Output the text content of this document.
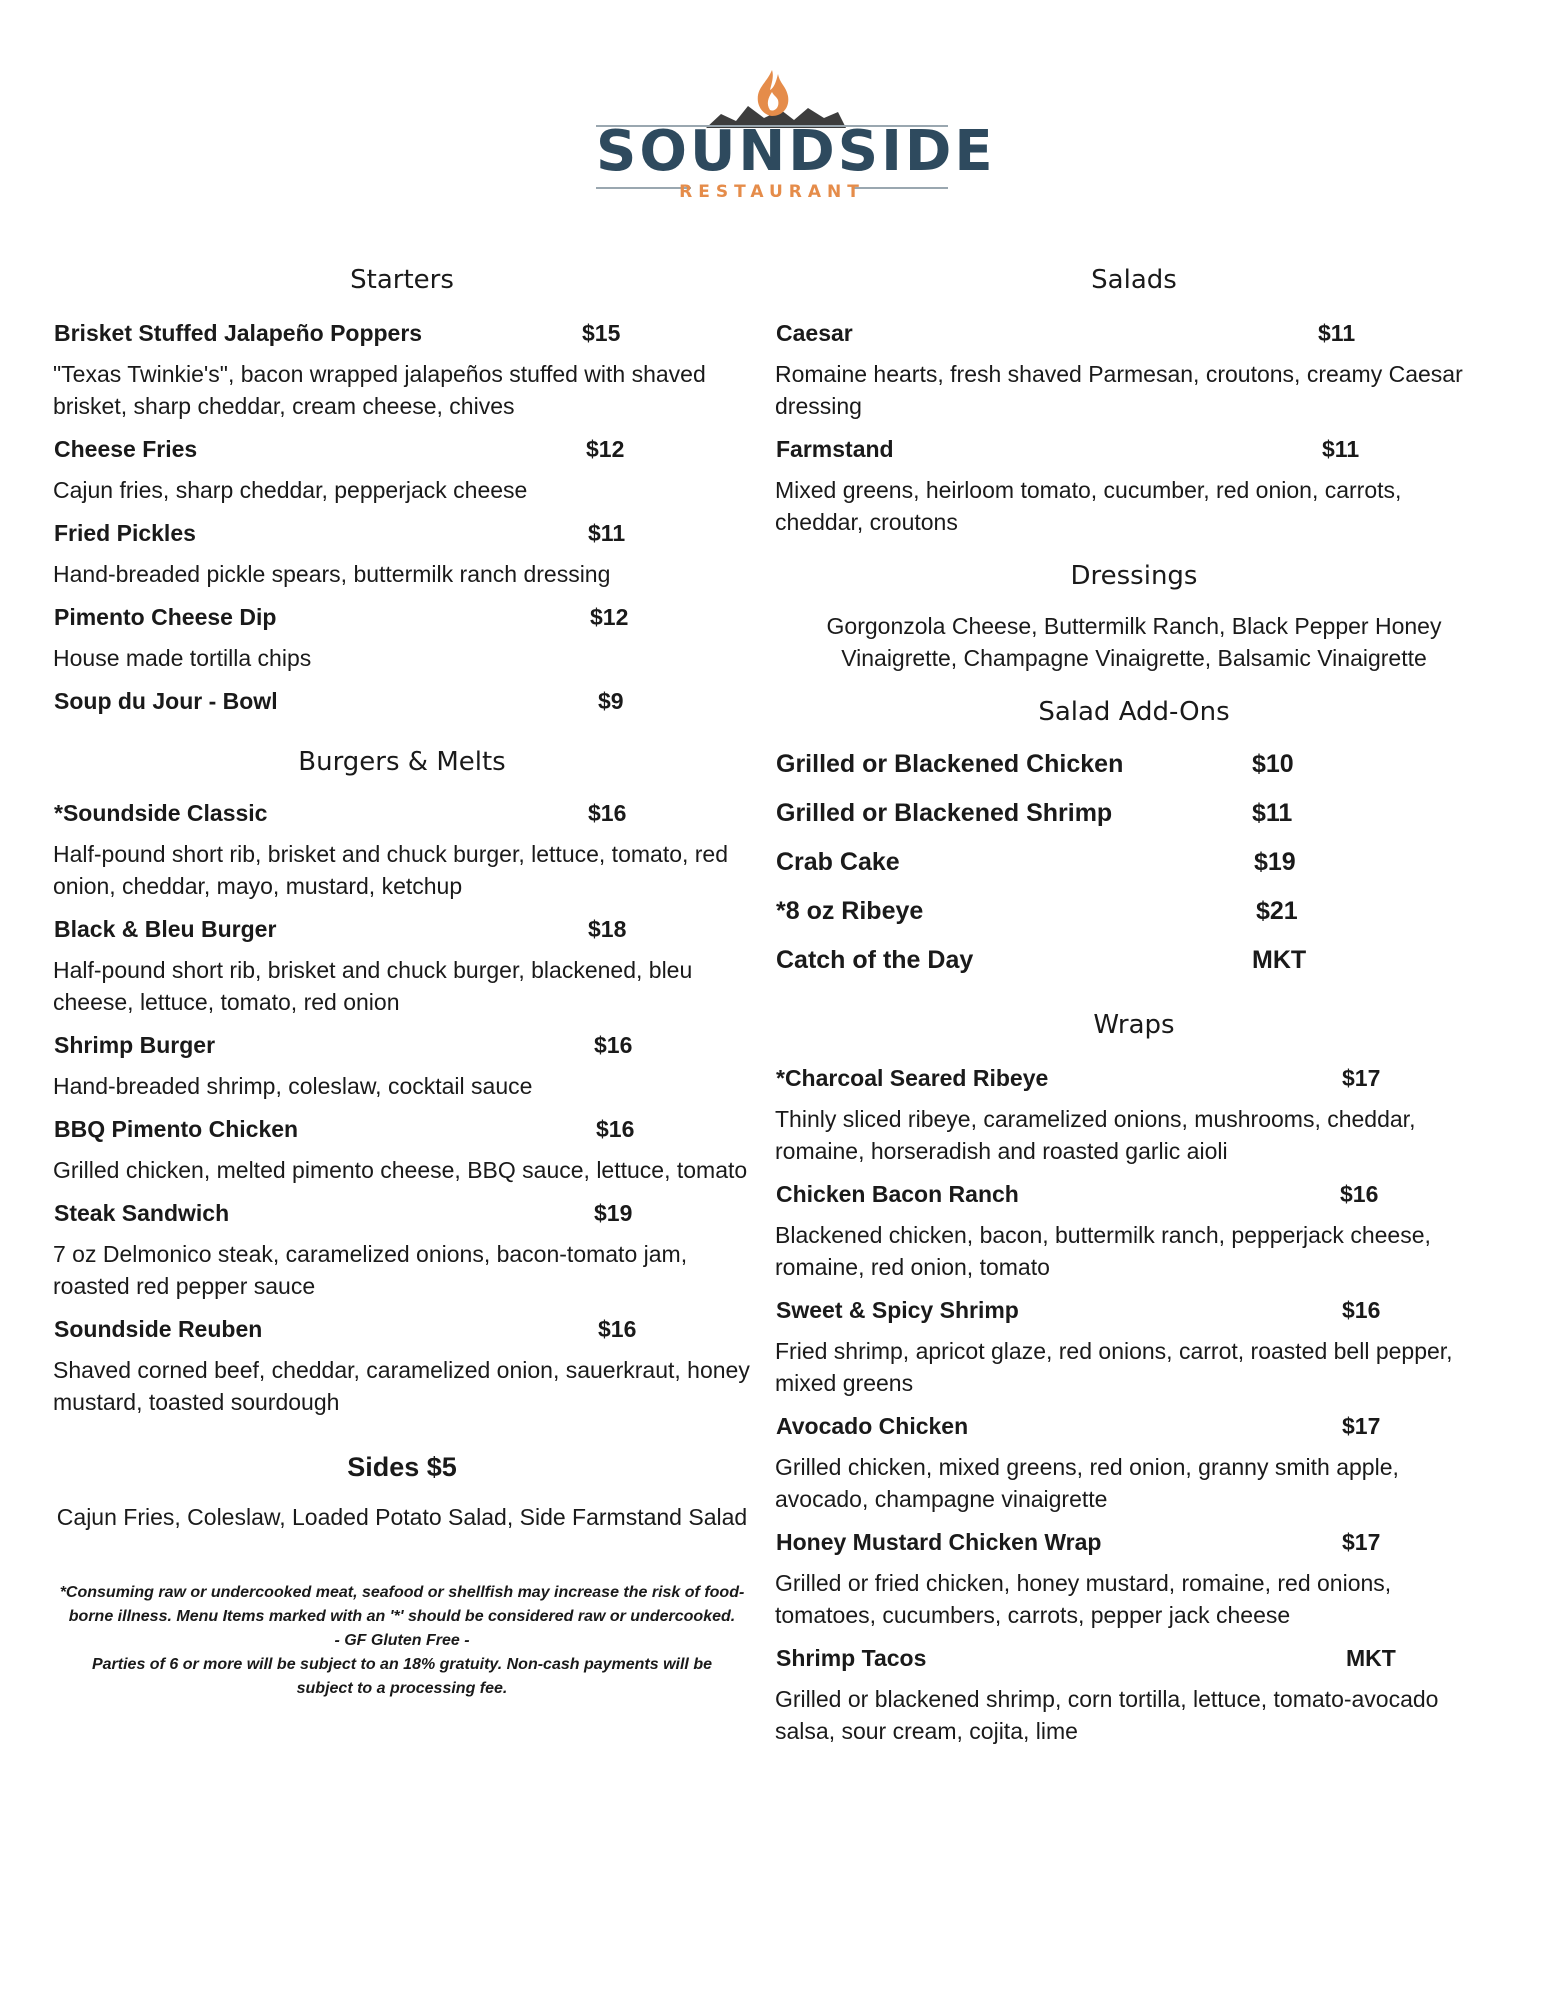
SOUNDSIDE
RESTAURANT
Starters
Brisket Stuffed Jalapeño Poppers	$15
"Texas Twinkie's", bacon wrapped jalapeños stuffed with shaved brisket, sharp cheddar, cream cheese, chives
Cheese Fries	$12
Cajun fries, sharp cheddar, pepperjack cheese
Fried Pickles	$11
Hand-breaded pickle spears, buttermilk ranch dressing
Pimento Cheese Dip	$12
House made tortilla chips
Soup du Jour - Bowl	$9
Burgers & Melts
*Soundside Classic	$16
Half-pound short rib, brisket and chuck burger, lettuce, tomato, red onion, cheddar, mayo, mustard, ketchup
Black & Bleu Burger	$18
Half-pound short rib, brisket and chuck burger, blackened, bleu cheese, lettuce, tomato, red onion
Shrimp Burger	$16
Hand-breaded shrimp, coleslaw, cocktail sauce
BBQ Pimento Chicken	$16
Grilled chicken, melted pimento cheese, BBQ sauce, lettuce, tomato
Steak Sandwich	$19
7 oz Delmonico steak, caramelized onions, bacon-tomato jam, roasted red pepper sauce
Soundside Reuben	$16
Shaved corned beef, cheddar, caramelized onion, sauerkraut, honey mustard, toasted sourdough
Sides $5
Cajun Fries, Coleslaw, Loaded Potato Salad, Side Farmstand Salad
*Consuming raw or undercooked meat, seafood or shellfish may increase the risk of food-
borne illness. Menu Items marked with an '*' should be considered raw or undercooked.
- GF Gluten Free -
Parties of 6 or more will be subject to an 18% gratuity. Non-cash payments will be
subject to a processing fee.
Salads
Caesar	$11
Romaine hearts, fresh shaved Parmesan, croutons, creamy Caesar dressing
Farmstand	$11
Mixed greens, heirloom tomato, cucumber, red onion, carrots, cheddar, croutons
Dressings
Gorgonzola Cheese, Buttermilk Ranch, Black Pepper Honey
Vinaigrette, Champagne Vinaigrette, Balsamic Vinaigrette
Salad Add-Ons
Grilled or Blackened Chicken	$10
Grilled or Blackened Shrimp	$11
Crab Cake	$19
*8 oz Ribeye	$21
Catch of the Day	MKT
Wraps
*Charcoal Seared Ribeye	$17
Thinly sliced ribeye, caramelized onions, mushrooms, cheddar, romaine, horseradish and roasted garlic aioli
Chicken Bacon Ranch	$16
Blackened chicken, bacon, buttermilk ranch, pepperjack cheese, romaine, red onion, tomato
Sweet & Spicy Shrimp	$16
Fried shrimp, apricot glaze, red onions, carrot, roasted bell pepper, mixed greens
Avocado Chicken	$17
Grilled chicken, mixed greens, red onion, granny smith apple, avocado, champagne vinaigrette
Honey Mustard Chicken Wrap	$17
Grilled or fried chicken, honey mustard, romaine, red onions, tomatoes, cucumbers, carrots, pepper jack cheese
Shrimp Tacos	MKT
Grilled or blackened shrimp, corn tortilla, lettuce, tomato-avocado salsa, sour cream, cojita, lime
